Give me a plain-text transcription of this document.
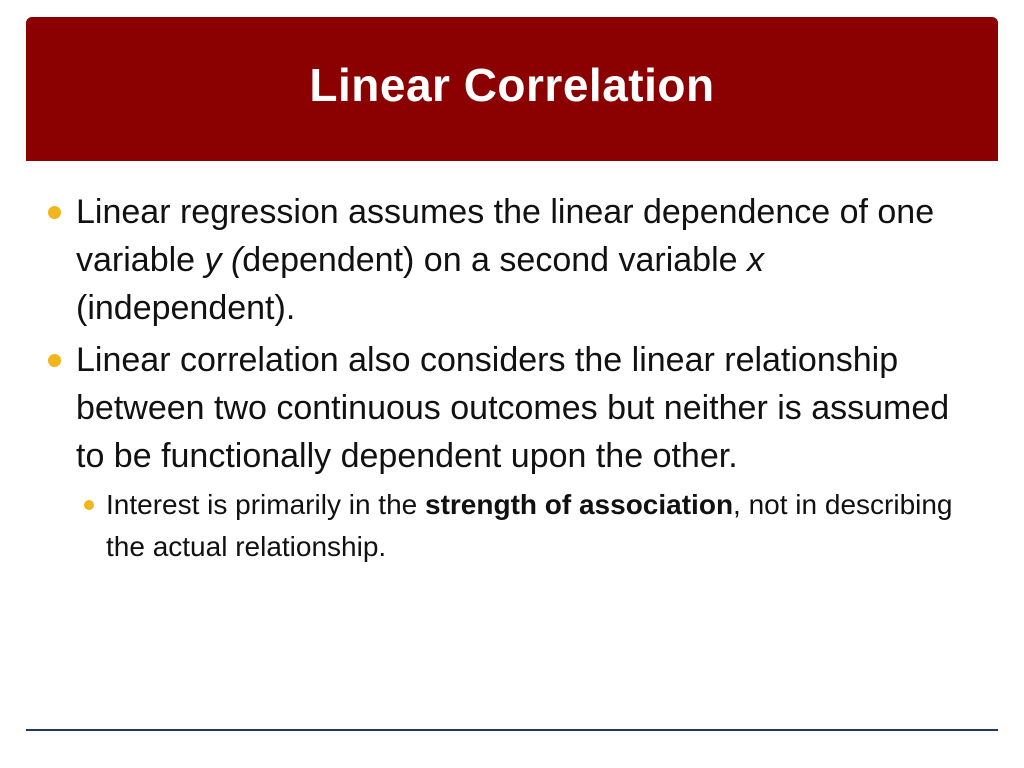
Linear Correlation
Linear regression assumes the linear dependence of one variable y (dependent) on a second variable x (independent).
Linear correlation also considers the linear relationship between two continuous outcomes but neither is assumed to be functionally dependent upon the other.
Interest is primarily in the strength of association, not in describing the actual relationship.
